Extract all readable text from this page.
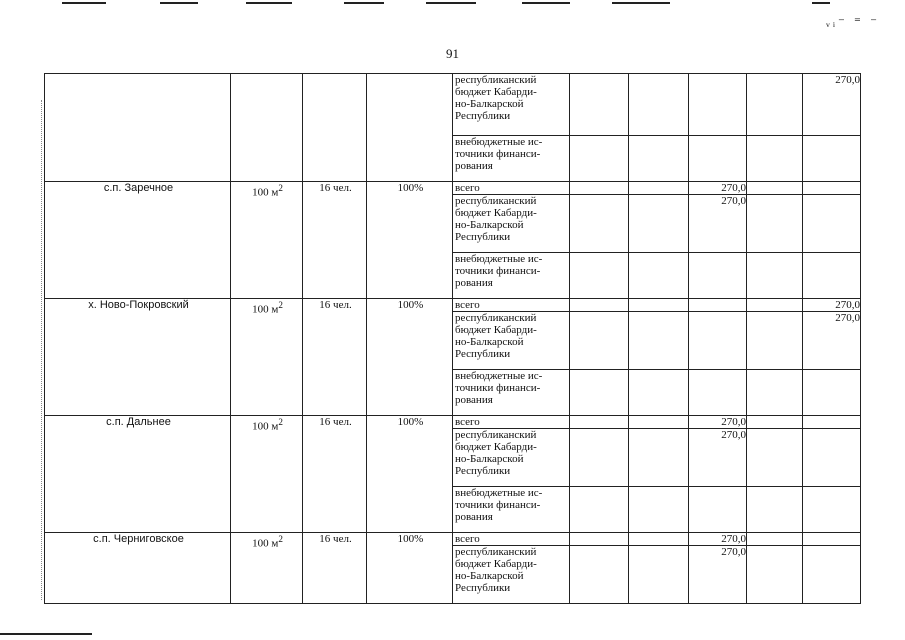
ᵥᵢ⁻ ⁼ ⁻
91
				республиканский
бюджет Кабарди-
но-Балкарской
Республики					270,0
				внебюджетные ис-
точники финанси-
рования					
с.п. Заречное	100 $м^2$	16 чел.	100%	всего			270,0		
				республиканский
бюджет Кабарди-
но-Балкарской
Республики			270,0		
				внебюджетные ис-
точники финанси-
рования					
х. Ново-Покровский	100 $м^2$	16 чел.	100%	всего					270,0
				республиканский
бюджет Кабарди-
но-Балкарской
Республики					270,0
				внебюджетные ис-
точники финанси-
рования					
с.п. Дальнее	100 $м^2$	16 чел.	100%	всего			270,0		
				республиканский
бюджет Кабарди-
но-Балкарской
Республики			270,0		
				внебюджетные ис-
точники финанси-
рования					
с.п. Черниговское	100 $м^2$	16 чел.	100%	всего			270,0		
				республиканский
бюджет Кабарди-
но-Балкарской
Республики			270,0		
